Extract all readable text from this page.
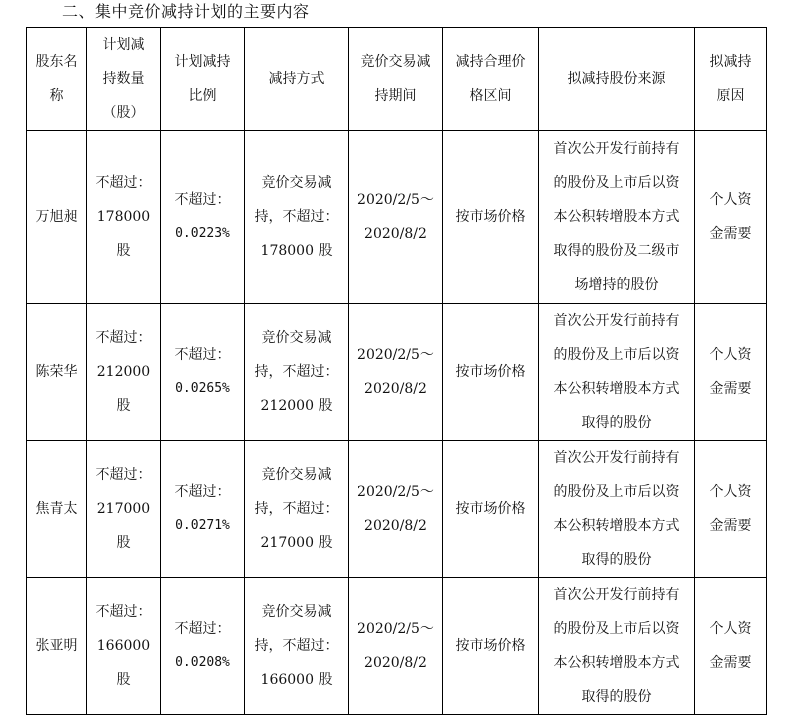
二、集中竞价减持计划的主要内容
股东名
称	计划减
持数量
（股）	计划减持
比例	减持方式	竞价交易减
持期间	减持合理价
格区间	拟减持股份来源	拟减持
原因

万旭昶	不超过：
178000
股	不超过：
0.0223%	竞价交易减
持，不超过：
178000 股	2020/2/5～
2020/8/2	按市场价格	首次公开发行前持有
的股份及上市后以资
本公积转增股本方式
取得的股份及二级市
场增持的股份	个人资
金需要

陈荣华	不超过：
212000
股	不超过：
0.0265%	竞价交易减
持，不超过：
212000 股	2020/2/5～
2020/8/2	按市场价格	首次公开发行前持有
的股份及上市后以资
本公积转增股本方式
取得的股份	个人资
金需要

焦青太	不超过：
217000
股	不超过：
0.0271%	竞价交易减
持，不超过：
217000 股	2020/2/5～
2020/8/2	按市场价格	首次公开发行前持有
的股份及上市后以资
本公积转增股本方式
取得的股份	个人资
金需要

张亚明	不超过：
166000
股	不超过：
0.0208%	竞价交易减
持，不超过：
166000 股	2020/2/5～
2020/8/2	按市场价格	首次公开发行前持有
的股份及上市后以资
本公积转增股本方式
取得的股份	个人资
金需要
